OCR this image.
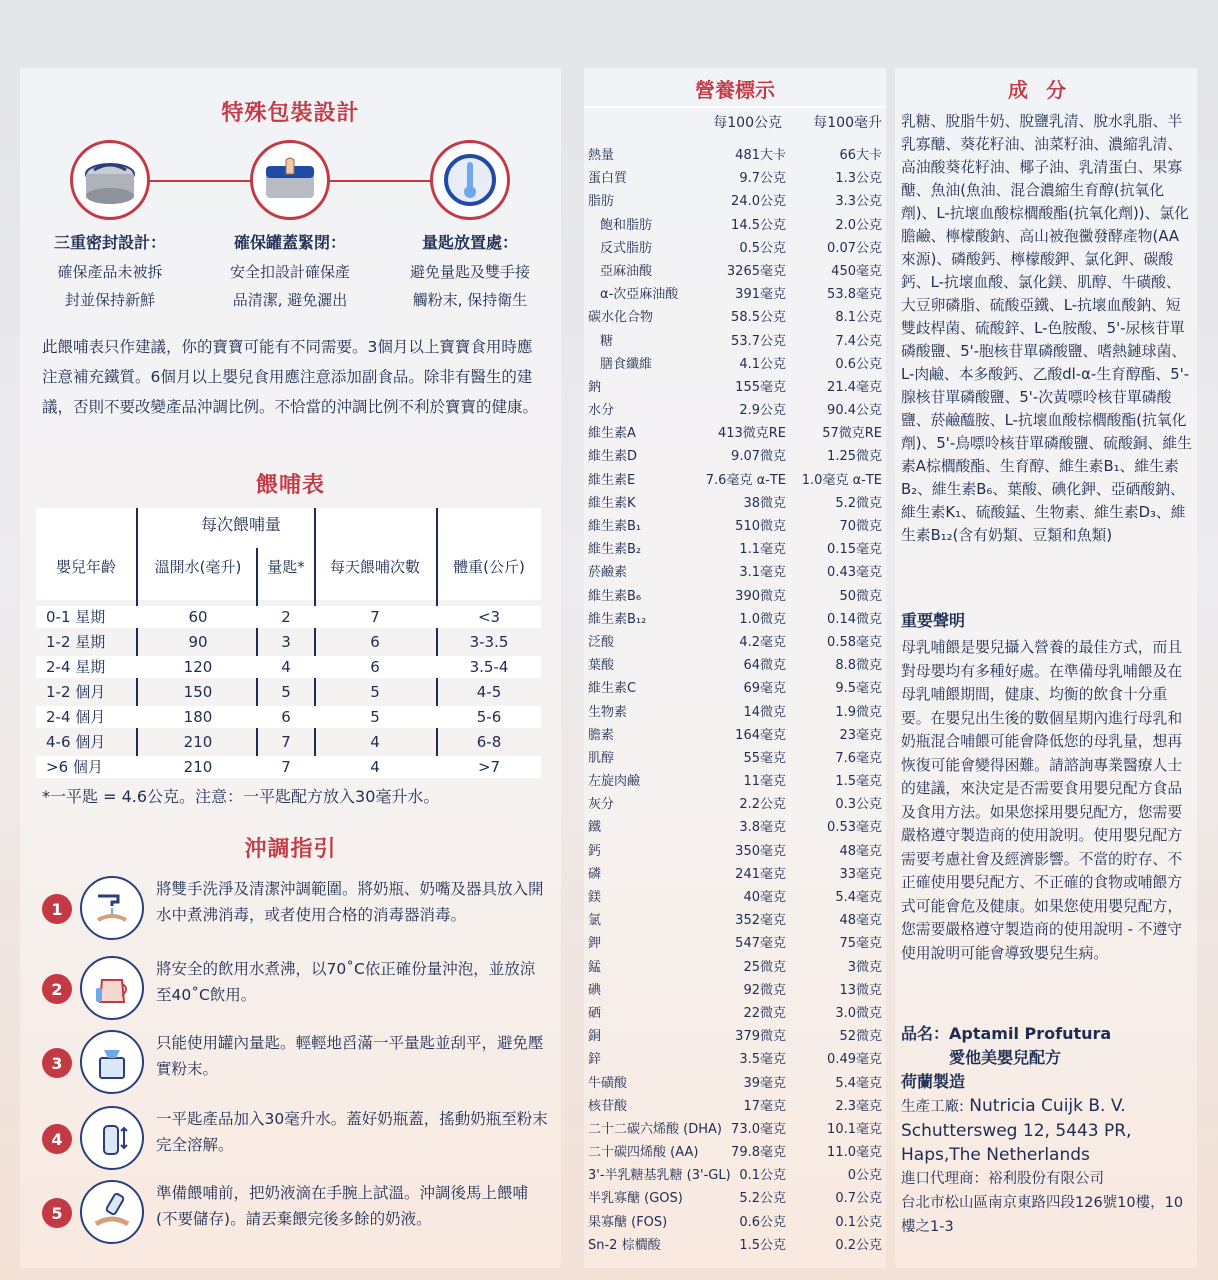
特殊包裝設計
三重密封設計：	確保罐蓋緊閉：	量匙放置處：
確保產品未被拆
封並保持新鮮
安全扣設計確保產
品清潔, 避免灑出
避免量匙及雙手接
觸粉末, 保持衛生
此餵哺表只作建議，你的寶寶可能有不同需要。3個月以上寶寶食用時應注意補充鐵質。6個月以上嬰兒食用應注意添加副食品。除非有醫生的建議，否則不要改變產品沖調比例。不恰當的沖調比例不利於寶寶的健康。
餵哺表
每次餵哺量
嬰兒年齡	溫開水(毫升)	量匙*	每天餵哺次數	體重(公斤)
0-1 星期	60	2	7	<3
1-2 星期	90	3	6	3-3.5
2-4 星期	120	4	6	3.5-4
1-2 個月	150	5	5	4-5
2-4 個月	180	6	5	5-6
4-6 個月	210	7	4	6-8
>6 個月	210	7	4	>7
*一平匙 = 4.6公克。注意：一平匙配方放入30毫升水。
沖調指引
1
將雙手洗淨及清潔沖調範圍。將奶瓶、奶嘴及器具放入開水中煮沸消毒，或者使用合格的消毒器消毒。
2
將安全的飲用水煮沸，以70˚C依正確份量沖泡，並放涼至40˚C飲用。
3
只能使用罐內量匙。輕輕地舀滿一平量匙並刮平，避免壓實粉末。
4
一平匙產品加入30毫升水。蓋好奶瓶蓋，搖動奶瓶至粉末完全溶解。
5
準備餵哺前，把奶液滴在手腕上試溫。沖調後馬上餵哺(不要儲存)。請丟棄餵完後多餘的奶液。
營養標示
每100公克 每100毫升
熱量	481大卡	66大卡
蛋白質	9.7公克	1.3公克
脂肪	24.0公克	3.3公克
飽和脂肪	14.5公克	2.0公克
反式脂肪	0.5公克	0.07公克
亞麻油酸	3265毫克	450毫克
α-次亞麻油酸	391毫克	53.8毫克
碳水化合物	58.5公克	8.1公克
糖	53.7公克	7.4公克
膳食纖維	4.1公克	0.6公克
鈉	155毫克	21.4毫克
水分	2.9公克	90.4公克
維生素A	413微克RE	57微克RE
維生素D	9.07微克	1.25微克
維生素E	7.6毫克 α-TE 1.0毫克 α-TE
維生素K	38微克	5.2微克
維生素B₁	510微克	70微克
維生素B₂	1.1毫克	0.15毫克
菸鹼素	3.1毫克	0.43毫克
維生素B₆	390微克	50微克
維生素B₁₂	1.0微克	0.14微克
泛酸	4.2毫克	0.58毫克
葉酸	64微克	8.8微克
維生素C	69毫克	9.5毫克
生物素	14微克	1.9微克
膽素	164毫克	23毫克
肌醇	55毫克	7.6毫克
左旋肉鹼	11毫克	1.5毫克
灰分	2.2公克	0.3公克
鐵	3.8毫克	0.53毫克
鈣	350毫克	48毫克
磷	241毫克	33毫克
鎂	40毫克	5.4毫克
氯	352毫克	48毫克
鉀	547毫克	75毫克
錳	25微克	3微克
碘	92微克	13微克
硒	22微克	3.0微克
銅	379微克	52微克
鋅	3.5毫克	0.49毫克
牛磺酸	39毫克	5.4毫克
核苷酸	17毫克	2.3毫克
二十二碳六烯酸 (DHA) 73.0毫克	10.1毫克
二十碳四烯酸 (AA)	79.8毫克	11.0毫克
3'-半乳糖基乳糖 (3'-GL) 0.1公克	0公克
半乳寡醣 (GOS)	5.2公克	0.7公克
果寡醣 (FOS)	0.6公克	0.1公克
Sn-2 棕櫚酸	1.5公克	0.2公克
成分
乳糖、脫脂牛奶、脫鹽乳清、脫水乳脂、半乳寡醣、葵花籽油、油菜籽油、濃縮乳清、高油酸葵花籽油、椰子油、乳清蛋白、果寡醣、魚油(魚油、混合濃縮生育醇(抗氧化劑)、L-抗壞血酸棕櫚酸酯(抗氧化劑))、氯化膽鹼、檸檬酸鈉、高山被孢黴發酵產物(AA來源)、磷酸鈣、檸檬酸鉀、氯化鉀、碳酸鈣、L-抗壞血酸、氯化鎂、肌醇、牛磺酸、大豆卵磷脂、硫酸亞鐵、L-抗壞血酸鈉、短雙歧桿菌、硫酸鋅、L-色胺酸、5'-尿核苷單磷酸鹽、5'-胞核苷單磷酸鹽、嗜熱鏈球菌、L-肉鹼、本多酸鈣、乙酸dl-α-生育醇酯、5'-腺核苷單磷酸鹽、5'-次黃嘌呤核苷單磷酸鹽、菸鹼醯胺、L-抗壞血酸棕櫚酸酯(抗氧化劑)、5'-鳥嘌呤核苷單磷酸鹽、硫酸銅、維生素A棕櫚酸酯、生育醇、維生素B₁、維生素B₂、維生素B₆、葉酸、碘化鉀、亞硒酸鈉、維生素K₁、硫酸錳、生物素、維生素D₃、維生素B₁₂(含有奶類、豆類和魚類)
重要聲明
母乳哺餵是嬰兒攝入營養的最佳方式，而且對母嬰均有多種好處。在準備母乳哺餵及在母乳哺餵期間，健康、均衡的飲食十分重要。在嬰兒出生後的數個星期內進行母乳和奶瓶混合哺餵可能會降低您的母乳量，想再恢復可能會變得困難。請諮詢專業醫療人士的建議，來決定是否需要食用嬰兒配方食品及食用方法。如果您採用嬰兒配方，您需要嚴格遵守製造商的使用說明。使用嬰兒配方需要考慮社會及經濟影響。不當的貯存、不正確使用嬰兒配方、不正確的食物或哺餵方式可能會危及健康。如果您使用嬰兒配方，您需要嚴格遵守製造商的使用說明 - 不遵守使用說明可能會導致嬰兒生病。
品名：Aptamil Profutura
愛他美嬰兒配方
荷蘭製造
生產工廠: Nutricia Cuijk B. V. Schuttersweg 12, 5443 PR, Haps,The Netherlands
進口代理商：裕利股份有限公司
台北市松山區南京東路四段126號10樓，10樓之1-3
